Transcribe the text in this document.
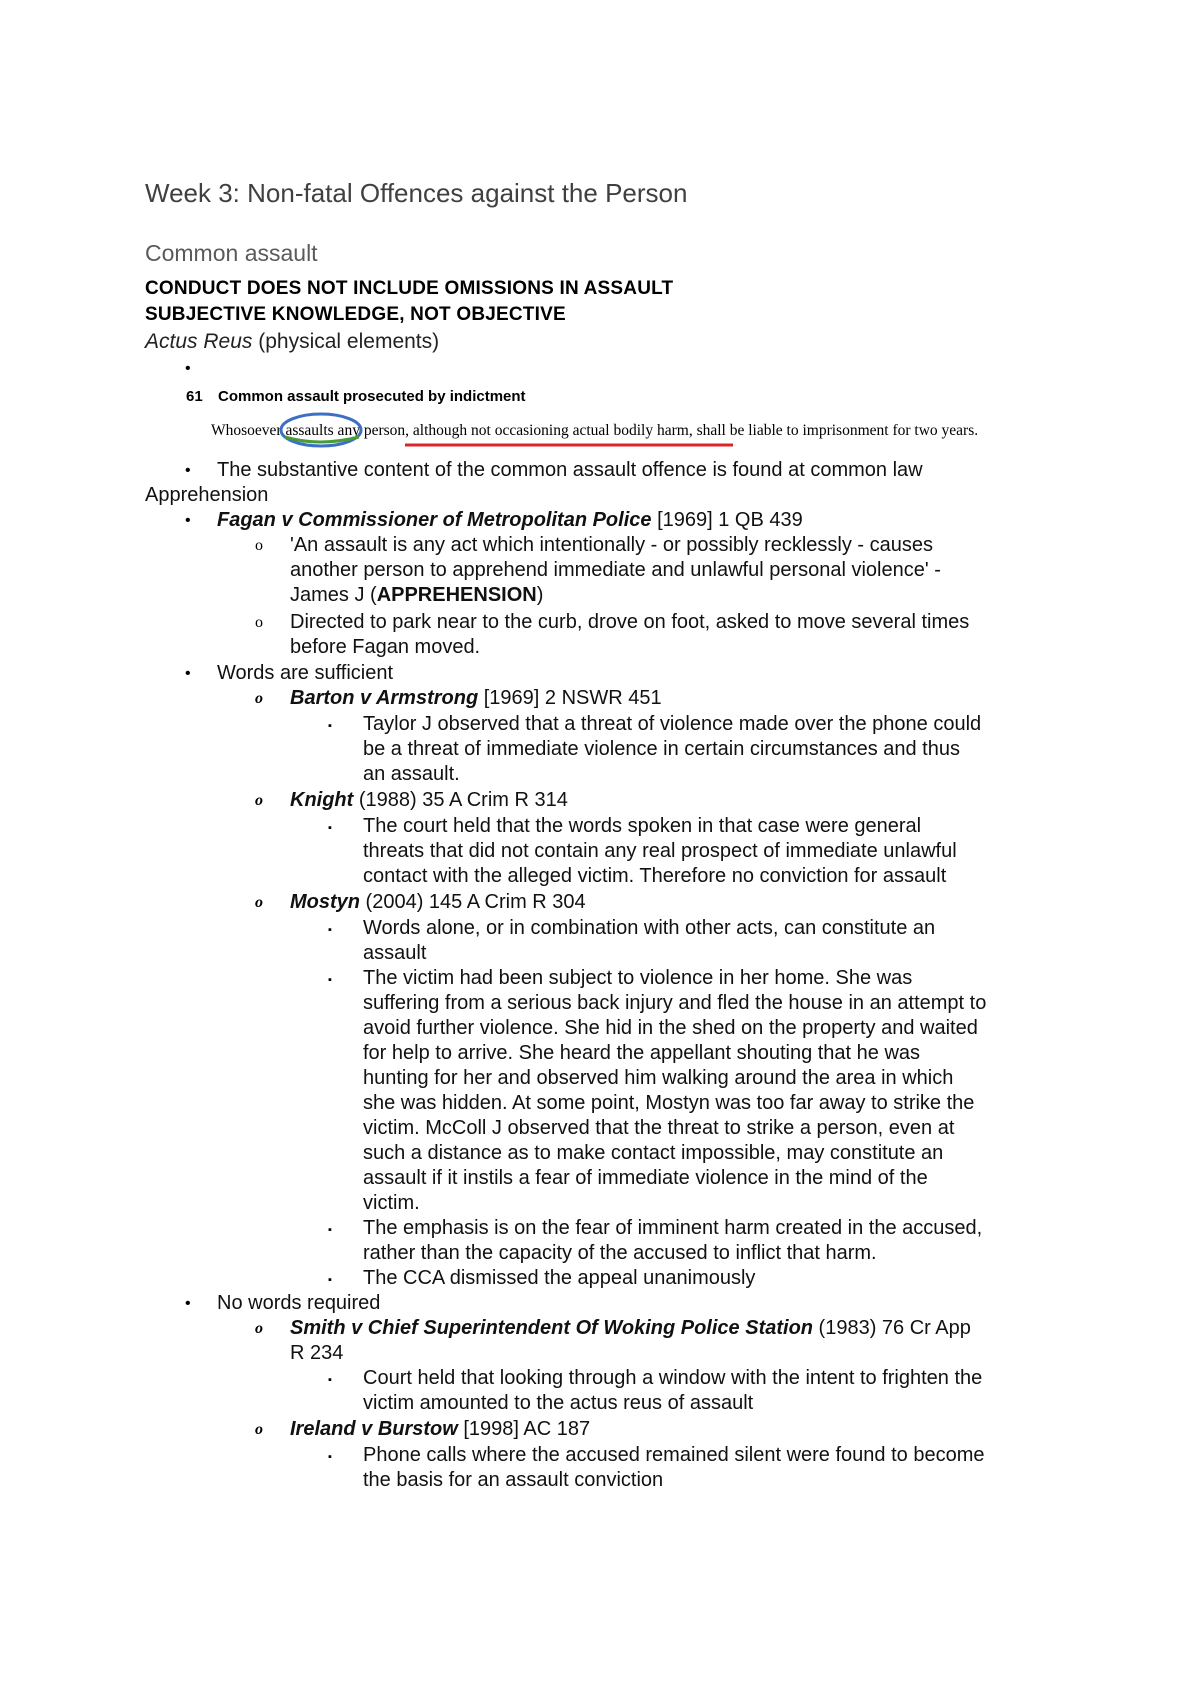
Week 3: Non-fatal Offences against the Person
Common assault
CONDUCT DOES NOT INCLUDE OMISSIONS IN ASSAULT
SUBJECTIVE KNOWLEDGE, NOT OBJECTIVE
Actus Reus (physical elements)
•
61 Common assault prosecuted by indictment
Whosoever assaults a
ny person, although not occasioning actual bodily harm,
shall be liable to imprisonment for two years.
• The substantive content of the common assault offence is found at common law
Apprehension
• Fagan v Commissioner of Metropolitan Police [1969] 1 QB 439
o 'An assault is any act which intentionally - or possibly recklessly - causes
another person to apprehend immediate and unlawful personal violence' -
James J (APPREHENSION)
o Directed to park near to the curb, drove on foot, asked to move several times
before Fagan moved.
• Words are sufficient
o Barton v Armstrong [1969] 2 NSWR 451
▪ Taylor J observed that a threat of violence made over the phone could
be a threat of immediate violence in certain circumstances and thus
an assault.
o Knight (1988) 35 A Crim R 314
▪ The court held that the words spoken in that case were general
threats that did not contain any real prospect of immediate unlawful
contact with the alleged victim. Therefore no conviction for assault
o Mostyn (2004) 145 A Crim R 304
▪ Words alone, or in combination with other acts, can constitute an
assault
▪ The victim had been subject to violence in her home. She was
suffering from a serious back injury and fled the house in an attempt to
avoid further violence. She hid in the shed on the property and waited
for help to arrive. She heard the appellant shouting that he was
hunting for her and observed him walking around the area in which
she was hidden. At some point, Mostyn was too far away to strike the
victim. McColl J observed that the threat to strike a person, even at
such a distance as to make contact impossible, may constitute an
assault if it instils a fear of immediate violence in the mind of the
victim.
▪ The emphasis is on the fear of imminent harm created in the accused,
rather than the capacity of the accused to inflict that harm.
▪ The CCA dismissed the appeal unanimously
• No words required
o Smith v Chief Superintendent Of Woking Police Station (1983) 76 Cr App
R 234
▪ Court held that looking through a window with the intent to frighten the
victim amounted to the actus reus of assault
o Ireland v Burstow [1998] AC 187
▪ Phone calls where the accused remained silent were found to become
the basis for an assault conviction
